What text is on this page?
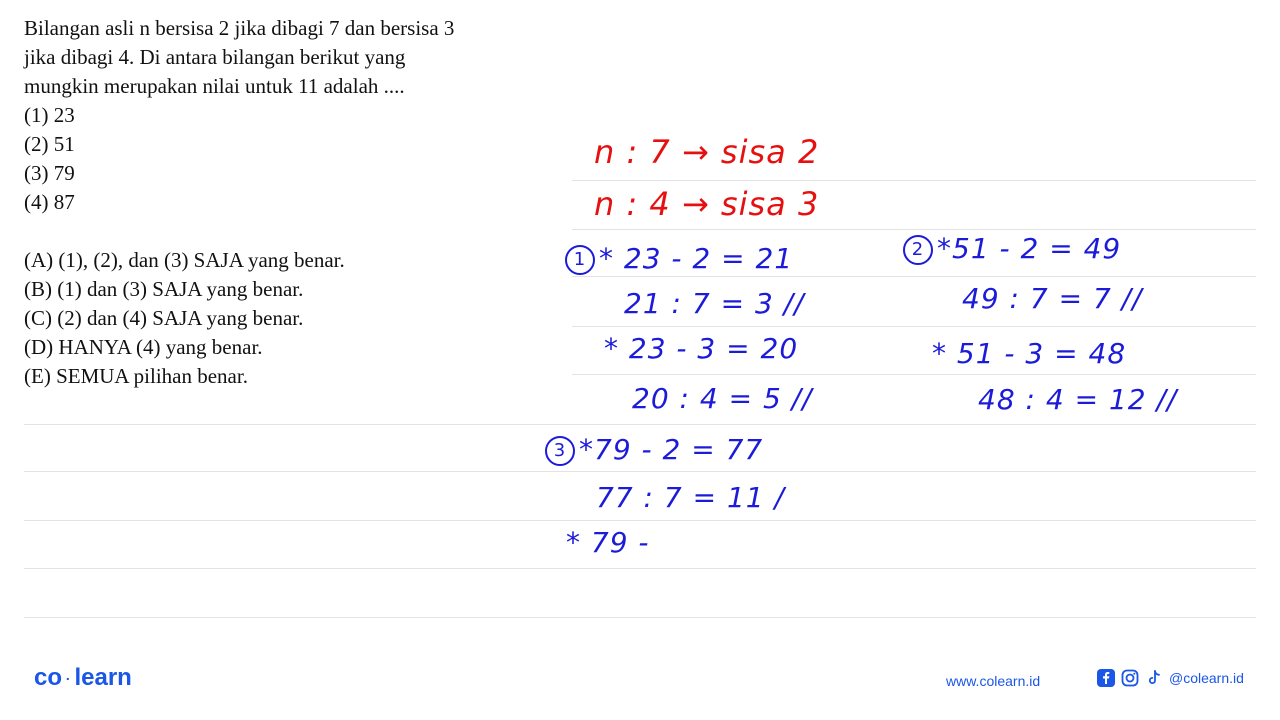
Bilangan asli n bersisa 2 jika dibagi 7 dan bersisa 3

jika dibagi 4. Di antara bilangan berikut yang

mungkin merupakan nilai untuk 11 adalah ....

(1) 23
(2) 51
(3) 79
(4) 87
(A) (1), (2), dan (3) SAJA yang benar.
(B) (1) dan (3) SAJA yang benar.
(C) (2) dan (4) SAJA yang benar.
(D) HANYA (4) yang benar.
(E) SEMUA pilihan benar.
n : 7 → sisa 2
n : 4 → sisa 3
1 * 23 - 2 = 21
21 : 7 = 3 //
* 23 - 3 = 20
20 : 4 = 5 //
2 *51 - 2 = 49
49 : 7 = 7 //
* 51 - 3 = 48
48 : 4 = 12 //
3 *79 - 2 = 77
77 : 7 = 11 /
* 79 -
co · learn	www.colearn.id	@colearn.id
